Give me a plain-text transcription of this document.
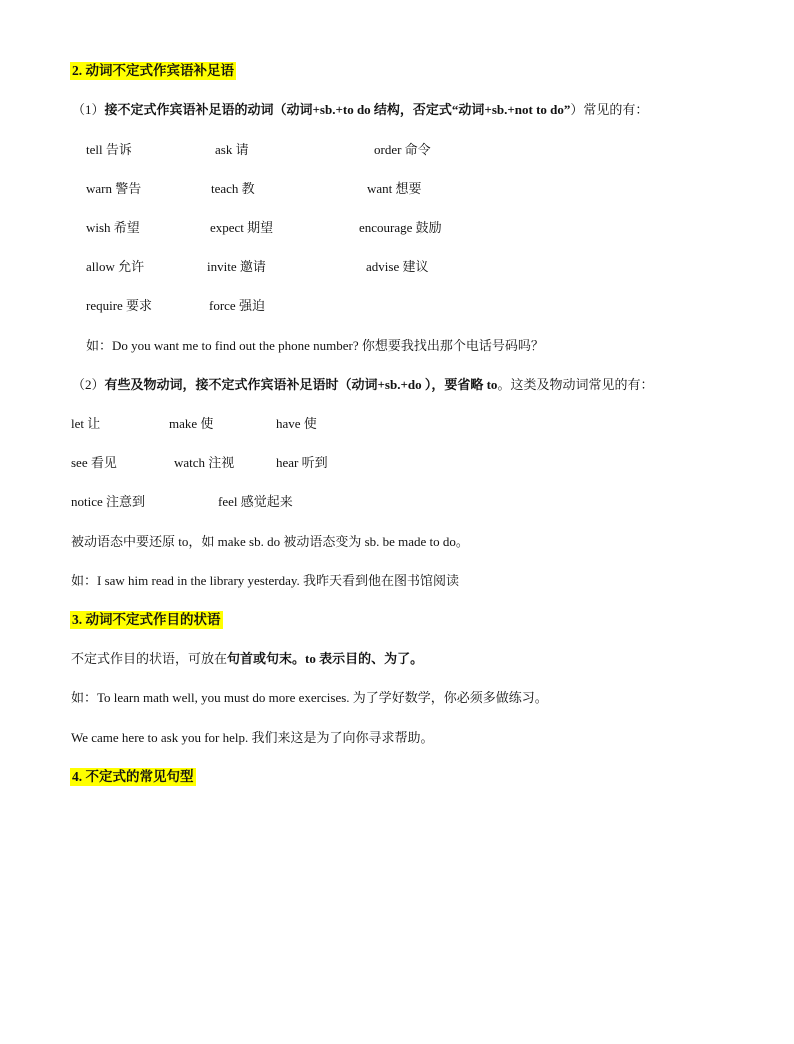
2. 动词不定式作宾语补足语
（1）接不定式作宾语补足语的动词（动词+sb.+to do 结构，否定式“动词+sb.+not to do”）常见的有：
tell 告诉	ask 请	order 命令
warn 警告	teach 教	want 想要
wish 希望	expect 期望	encourage 鼓励
allow 允许	invite 邀请	advise 建议
require 要求	force 强迫
如：Do you want me to find out the phone number? 你想要我找出那个电话号码吗？
（2）有些及物动词，接不定式作宾语补足语时（动词+sb.+do ），要省略 to。这类及物动词常见的有：
let 让	make 使	have 使
see 看见	watch 注视	hear 听到
notice 注意到	feel 感觉起来
被动语态中要还原 to，如 make sb. do 被动语态变为 sb. be made to do。
如：I saw him read in the library yesterday. 我昨天看到他在图书馆阅读
3. 动词不定式作目的状语
不定式作目的状语，可放在句首或句末。to 表示目的、为了。
如：To learn math well, you must do more exercises. 为了学好数学，你必须多做练习。
We came here to ask you for help. 我们来这是为了向你寻求帮助。
4. 不定式的常见句型
